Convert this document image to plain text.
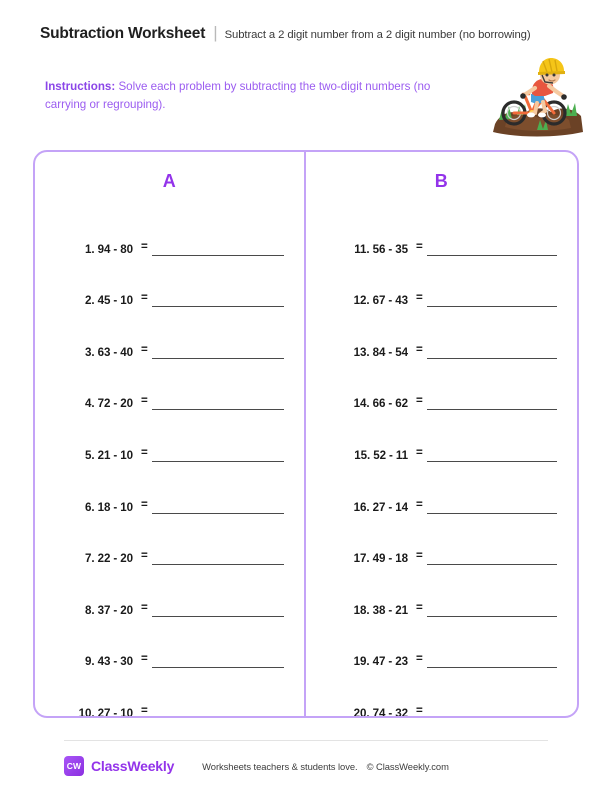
Subtraction Worksheet | Subtract a 2 digit number from a 2 digit number (no borrowing)
Instructions: Solve each problem by subtracting the two-digit numbers (no carrying or regrouping).
A
1. 94 - 80 =
2. 45 - 10 =
3. 63 - 40 =
4. 72 - 20 =
5. 21 - 10 =
6. 18 - 10 =
7. 22 - 20 =
8. 37 - 20 =
9. 43 - 30 =
10. 27 - 10 =
B
11. 56 - 35 =
12. 67 - 43 =
13. 84 - 54 =
14. 66 - 62 =
15. 52 - 11 =
16. 27 - 14 =
17. 49 - 18 =
18. 38 - 21 =
19. 47 - 23 =
20. 74 - 32 =
CW ClassWeekly	Worksheets teachers & students love. © ClassWeekly.com
